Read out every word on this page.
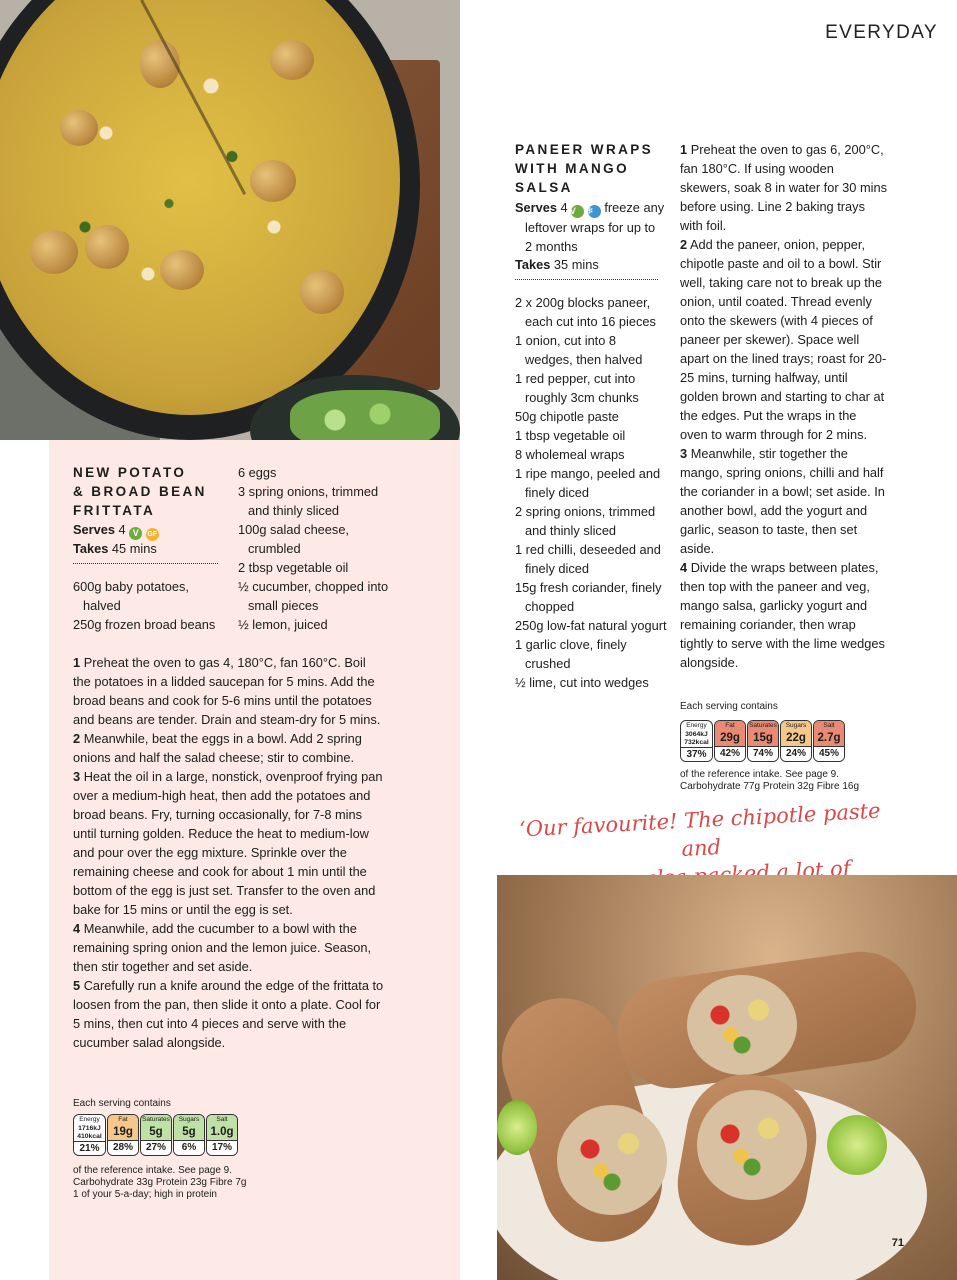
EVERYDAY
NEW POTATO
& BROAD BEAN
FRITTATA
Serves 4 V GF
Takes 45 mins
600g baby potatoes, halved
250g frozen broad beans
6 eggs
3 spring onions, trimmed and thinly sliced
100g salad cheese, crumbled
2 tbsp vegetable oil
½ cucumber, chopped into small pieces
½ lemon, juiced

1 Preheat the oven to gas 4, 180°C, fan 160°C. Boil the potatoes in a lidded saucepan for 5 mins. Add the broad beans and cook for 5-6 mins until the potatoes and beans are tender. Drain and steam-dry for 5 mins.

2 Meanwhile, beat the eggs in a bowl. Add 2 spring onions and half the salad cheese; stir to combine.

3 Heat the oil in a large, nonstick, ovenproof frying pan over a medium-high heat, then add the potatoes and broad beans. Fry, turning occasionally, for 7-8 mins until turning golden. Reduce the heat to medium-low and pour over the egg mixture. Sprinkle over the remaining cheese and cook for about 1 min until the bottom of the egg is just set. Transfer to the oven and bake for 15 mins or until the egg is set.

4 Meanwhile, add the cucumber to a bowl with the remaining spring onion and the lemon juice. Season, then stir together and set aside.

5 Carefully run a knife around the edge of the frittata to loosen from the pan, then slide it onto a plate. Cool for 5 mins, then cut into 4 pieces and serve with the cucumber salad alongside.

Each serving contains
Energy
1716kJ
410kcal
21%
Fat
19g
28%
Saturates
5g
27%
Sugars
5g
6%
Salt
1.0g
17%
of the reference intake. See page 9.
Carbohydrate 33g Protein 23g Fibre 7g
1 of your 5-a-day; high in protein
PANEER WRAPS
WITH MANGO
SALSA
Serves 4 V ❄ freeze any leftover wraps for up to 2 months
Takes 35 mins
2 x 200g blocks paneer, each cut into 16 pieces
1 onion, cut into 8 wedges, then halved
1 red pepper, cut into roughly 3cm chunks
50g chipotle paste
1 tbsp vegetable oil
8 wholemeal wraps
1 ripe mango, peeled and finely diced
2 spring onions, trimmed and thinly sliced
1 red chilli, deseeded and finely diced
15g fresh coriander, finely chopped
250g low-fat natural yogurt
1 garlic clove, finely crushed
½ lime, cut into wedges

1 Preheat the oven to gas 6, 200°C, fan 180°C. If using wooden skewers, soak 8 in water for 30 mins before using. Line 2 baking trays with foil.

2 Add the paneer, onion, pepper, chipotle paste and oil to a bowl. Stir well, taking care not to break up the onion, until coated. Thread evenly onto the skewers (with 4 pieces of paneer per skewer). Space well apart on the lined trays; roast for 20-25 mins, turning halfway, until golden brown and starting to char at the edges. Put the wraps in the oven to warm through for 2 mins.

3 Meanwhile, stir together the mango, spring onions, chilli and half the coriander in a bowl; set aside. In another bowl, add the yogurt and garlic, season to taste, then set aside.

4 Divide the wraps between plates, then top with the paneer and veg, mango salsa, garlicky yogurt and remaining coriander, then wrap tightly to serve with the lime wedges alongside.

Each serving contains
Energy
3064kJ
732kcal
37%
Fat
29g
42%
Saturates
15g
74%
Sugars
22g
24%
Salt
2.7g
45%
of the reference intake. See page 9.
Carbohydrate 77g Protein 32g Fibre 16g
‘Our favourite! The chipotle paste and
71
